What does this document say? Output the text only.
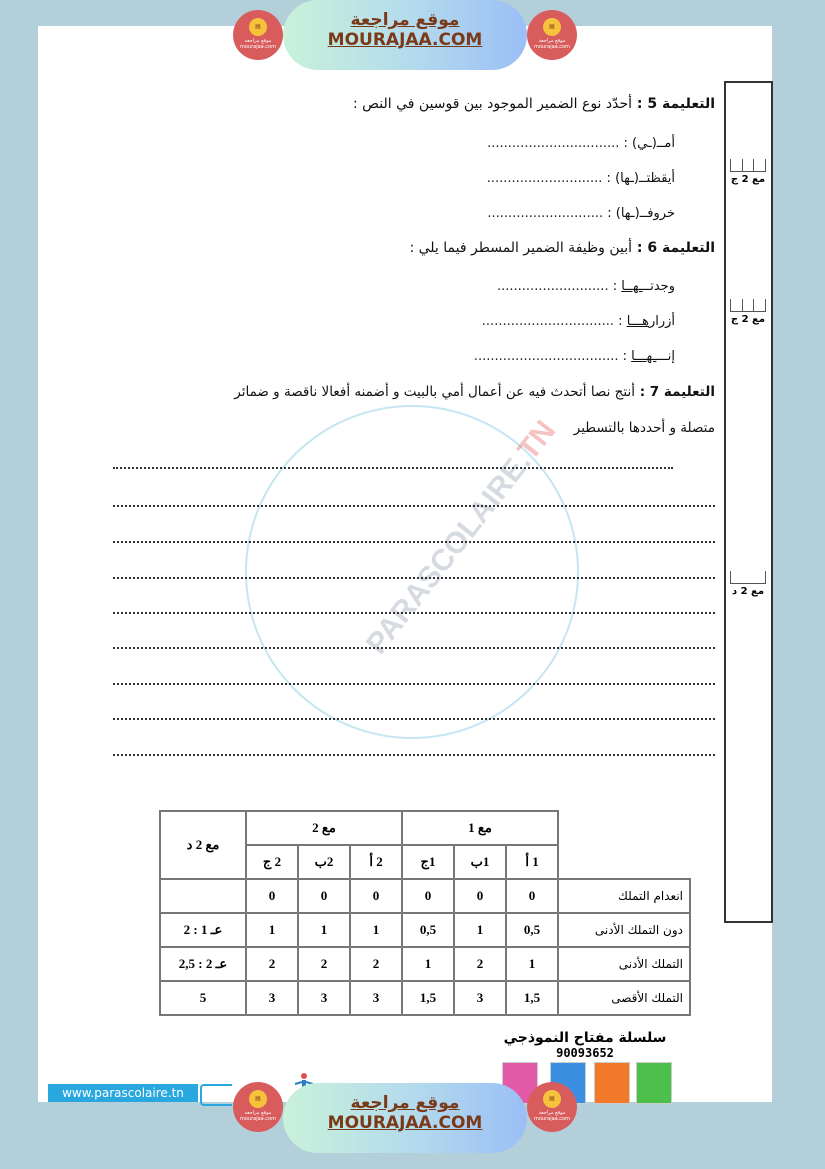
PARASCOLAIRE.TN
▤
موقع مراجعة mourajaa.com
موقع مراجعة
MOURAJAA.COM
▤
موقع مراجعة mourajaa.com
التعليمة 5 : أحدّد نوع الضمير الموجود بين قوسين في النص :
أمــ(ـي) : ................................
أيقظتــ(ـها) : ............................
خروفــ(ـها) : ............................
التعليمة 6 : أبين وظيفة الضمير المسطر فيما يلي :
وجدتـــهــا : ...........................
أزرارهـــا : ................................
إنــــهـــا : ...................................
التعليمة 7 : أنتج نصا أتحدث فيه عن أعمال أمي بالبيت و أضمنه أفعالا ناقصة و ضمائر
متصلة و أحددها بالتسطير
مع 2 ج
مع 2 ج
مع 2 د
	مع 1			مع 2			مع 2 د
	1 أ	1ب	1ج	2 أ	2ب	2 ج	
انعدام التملك	0	0	0	0	0	0	
دون التملك الأدنى	0,5	1	0,5	1	1	1	عـ 1 : 2
التملك الأدنى	1	2	1	2	2	2	عـ 2 : 2,5
التملك الأقصى	1,5	3	1,5	3	3	3	5
سلسلة مفتاح النموذجي
90093652
www.parascolaire.tn	▤
موقع مراجعة mourajaa.com
موقع مراجعة
MOURAJAA.COM
▤
موقع مراجعة mourajaa.com
